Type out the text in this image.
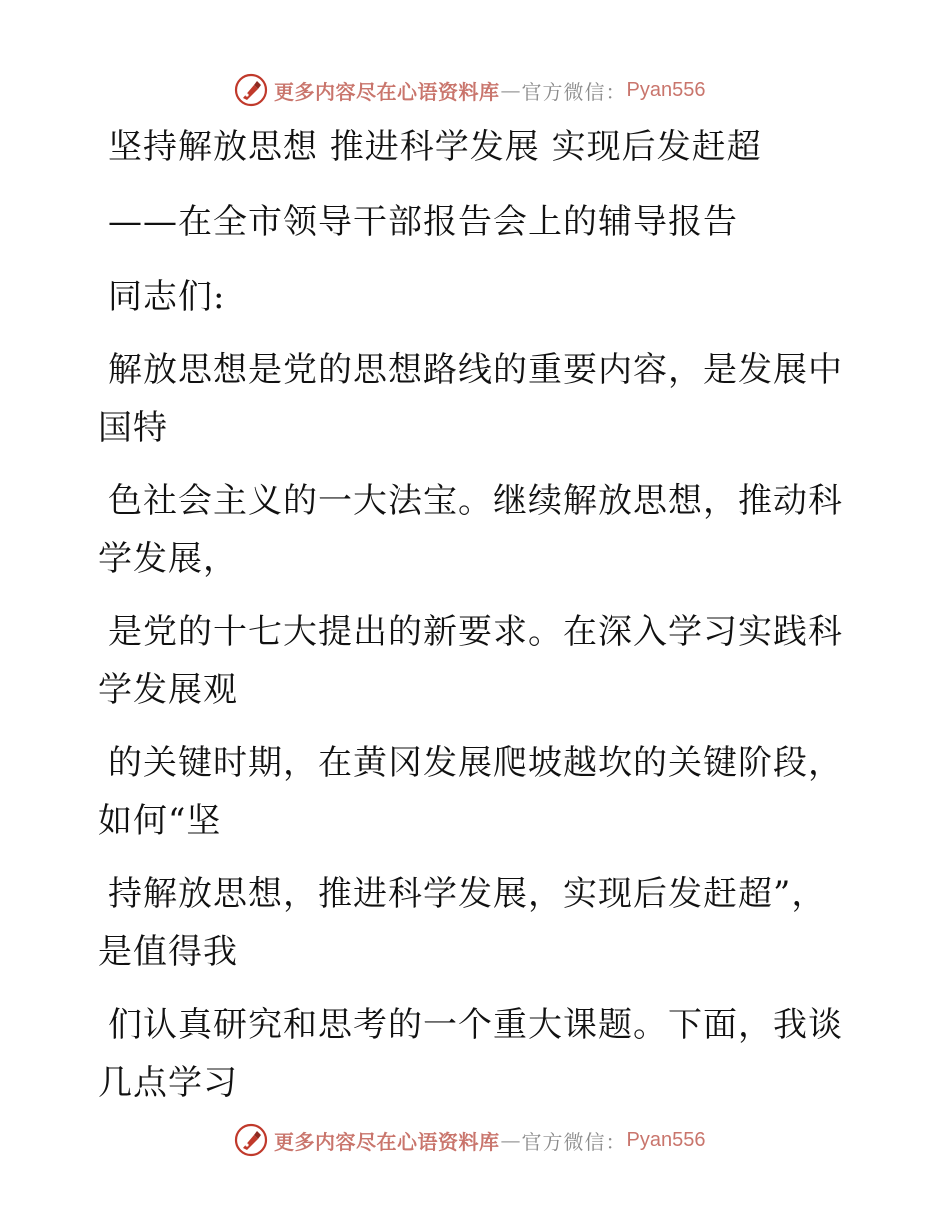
更多内容尽在心语资料库 — 官方微信： Pyan556

坚持解放思想 推进科学发展 实现后发赶超

——在全市领导干部报告会上的辅导报告

同志们:

解放思想是党的思想路线的重要内容，是发展中

国特

色社会主义的一大法宝。继续解放思想，推动科

学发展，

是党的十七大提出的新要求。在深入学习实践科

学发展观

的关键时期，在黄冈发展爬坡越坎的关键阶段，

如何“坚

持解放思想，推进科学发展，实现后发赶超”，

是值得我

们认真研究和思考的一个重大课题。下面，我谈

几点学习

更多内容尽在心语资料库 — 官方微信： Pyan556
